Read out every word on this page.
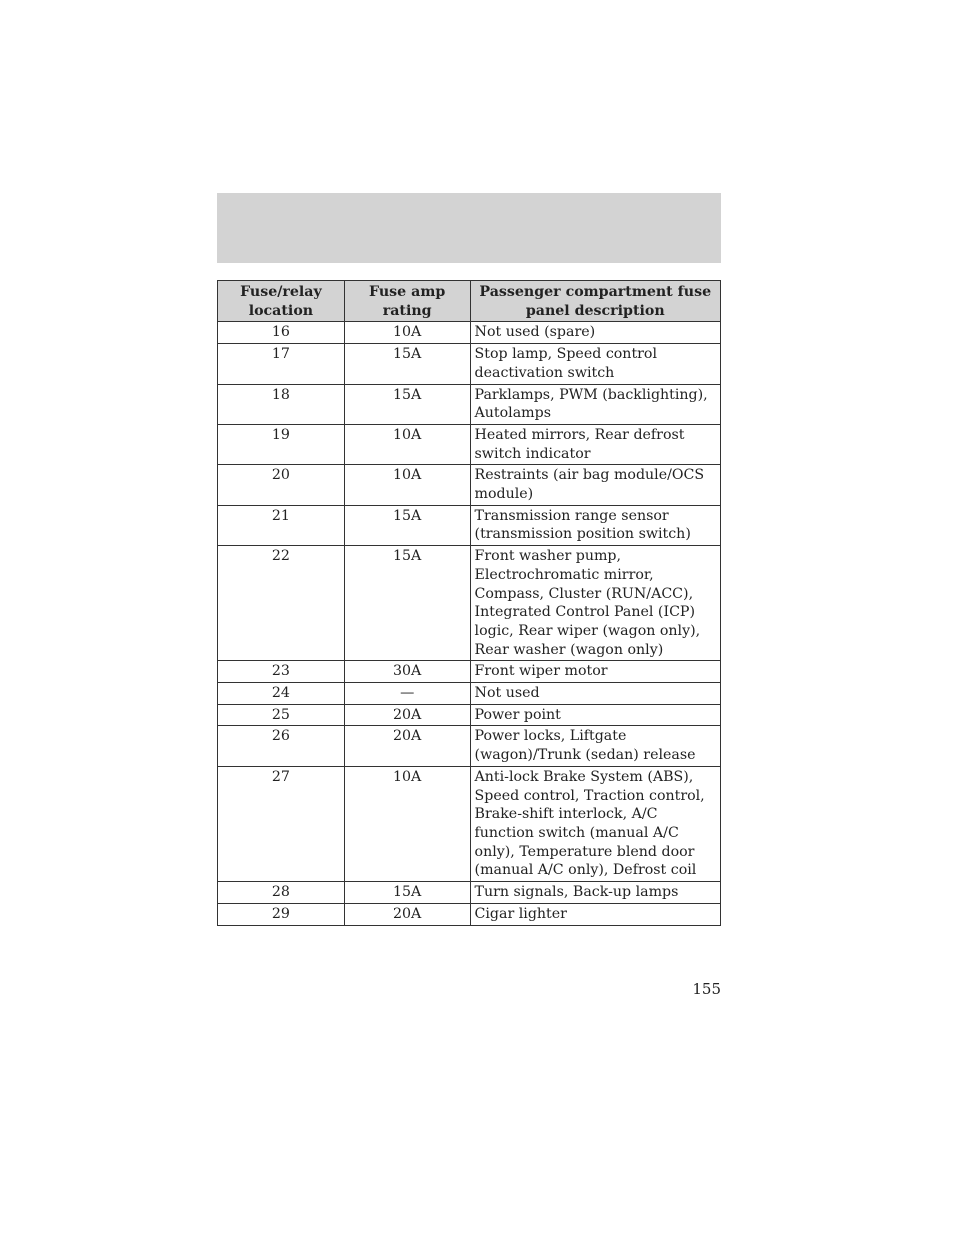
Fuse/relay location	Fuse amp rating	Passenger compartment fuse panel description
16	10A	Not used (spare)
17	15A	Stop lamp, Speed control deactivation switch
18	15A	Parklamps, PWM (backlighting), Autolamps
19	10A	Heated mirrors, Rear defrost switch indicator
20	10A	Restraints (air bag module/OCS module)
21	15A	Transmission range sensor (transmission position switch)
22	15A	Front washer pump, Electrochromatic mirror, Compass, Cluster (RUN/ACC), Integrated Control Panel (ICP) logic, Rear wiper (wagon only), Rear washer (wagon only)
23	30A	Front wiper motor
24	—	Not used
25	20A	Power point
26	20A	Power locks, Liftgate (wagon)/Trunk (sedan) release
27	10A	Anti-lock Brake System (ABS), Speed control, Traction control, Brake-shift interlock, A/C function switch (manual A/C only), Temperature blend door (manual A/C only), Defrost coil
28	15A	Turn signals, Back-up lamps
29	20A	Cigar lighter
155
